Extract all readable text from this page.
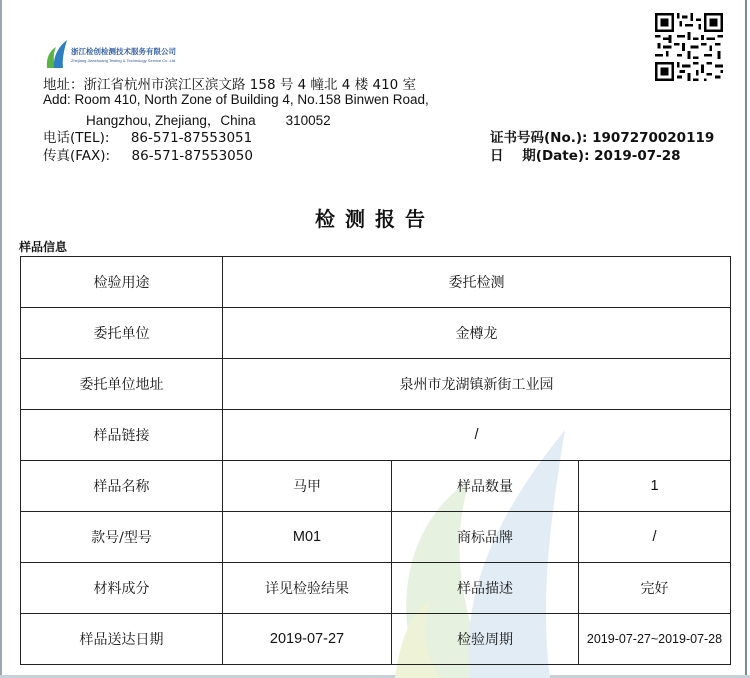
浙江检创检测技术服务有限公司
Zhejiang Jianchuang Testing & Technology Service Co.,Ltd
地址：浙江省杭州市滨江区滨文路 158 号 4 幢北 4 楼 410 室
Add: Room 410, North Zone of Building 4, No.158 Binwen Road,
Hangzhou, Zhejiang，China        310052
电话(TEL):     86-571-87553051
传真(FAX):     86-571-87553050
证书号码(No.): 1907270020119
日    期(Date): 2019-07-28
检测报告
样品信息
检验用途	委托检测		
委托单位	金樽龙		
委托单位地址	泉州市龙湖镇新街工业园		
样品链接	/		
样品名称	马甲	样品数量	1
款号/型号	M01	商标品牌	/
材料成分	详见检验结果	样品描述	完好
样品送达日期	2019-07-27	检验周期	2019-07-27~2019-07-28
